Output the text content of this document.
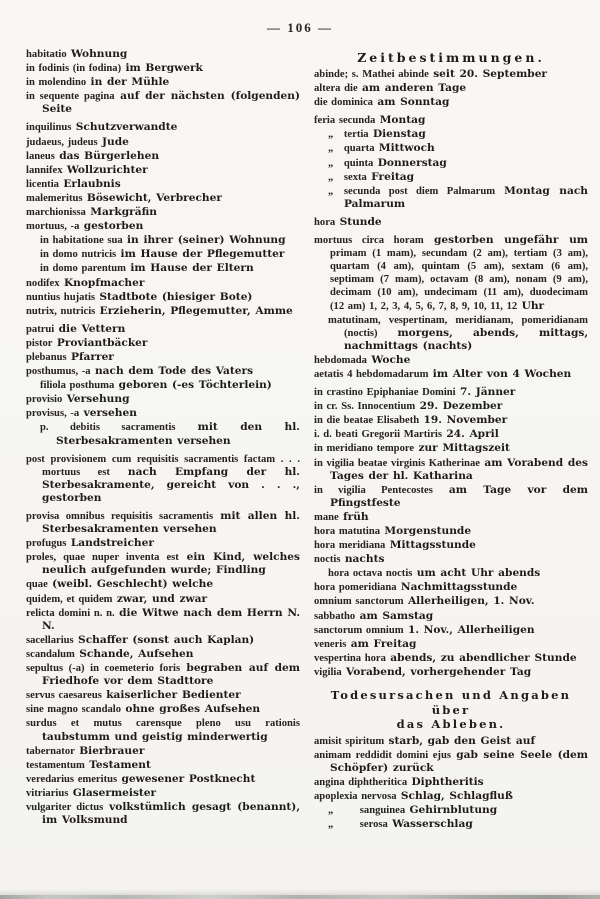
— 106 —

habitatio Wohnung

in fodinis (in fodina) im Bergwerk

in molendino in der Mühle

in sequente pagina auf der nächsten (folgenden) Seite

inquilinus Schutzverwandte

judaeus, judeus Jude

laneus das Bürgerlehen

lannifex Wollzurichter

licentia Erlaubnis

malemeritus Bösewicht, Verbrecher

marchionissa Markgräfin

mortuus, -a gestorben

in habitatione sua in ihrer (seiner) Wohnung

in domo nutricis im Hause der Pflegemutter

in domo parentum im Hause der Eltern

nodifex Knopfmacher

nuntius hujatis Stadtbote (hiesiger Bote)

nutrix, nutricis Erzieherin, Pflegemutter, Amme

patrui die Vettern

pistor Proviantbäcker

plebanus Pfarrer

posthumus, -a nach dem Tode des Vaters

filiola posthuma geboren (-es Töchterlein)

provisio Versehung

provisus, -a versehen

p. debitis sacramentis mit den hl. Sterbesakramenten versehen

post provisionem cum requisitis sacramentis factam . . . mortuus est nach Empfang der hl. Sterbesakramente, gereicht von . . ., gestorben

provisa omnibus requisitis sacramentis mit allen hl. Sterbesakramenten versehen

profugus Landstreicher

proles, quae nuper inventa est ein Kind, welches neulich aufgefunden wurde; Findling

quae (weibl. Geschlecht) welche

quidem, et quidem zwar, und zwar

relicta domini n. n. die Witwe nach dem Herrn N. N.

sacellarius Schaffer (sonst auch Kaplan)

scandalum Schande, Aufsehen

sepultus (-a) in coemeterio foris begraben auf dem Friedhofe vor dem Stadttore

servus caesareus kaiserlicher Bedienter

sine magno scandalo ohne großes Aufsehen

surdus et mutus carensque pleno usu rationis taubstumm und geistig minderwertig

tabernator Bierbrauer

testamentum Testament

veredarius emeritus gewesener Postknecht

vitriarius Glasermeister

vulgariter dictus volkstümlich gesagt (benannt), im Volksmund

Zeitbestimmungen.

abinde; s. Mathei abinde seit 20. September

altera die am anderen Tage

die dominica am Sonntag

feria secunda Montag

„ tertia Dienstag

„ quarta Mittwoch

„ quinta Donnerstag

„ sexta Freitag

„ secunda post diem Palmarum Montag nach Palmarum

hora Stunde

mortuus circa horam gestorben ungefähr um primam (1 mam), secundam (2 am), tertiam (3 am), quartam (4 am), quintam (5 am), sextam (6 am), septimam (7 mam), octavam (8 am), nonam (9 am), decimam (10 am), undecimam (11 am), duodecimam (12 am) 1, 2, 3, 4, 5, 6, 7, 8, 9, 10, 11, 12 Uhr

matutinam, vespertinam, meridianam, pomeridianam (noctis) morgens, abends, mittags, nachmittags (nachts)

hebdomada Woche

aetatis 4 hebdomadarum im Alter von 4 Wochen

in crastino Epiphaniae Domini 7. Jänner

in cr. Ss. Innocentium 29. Dezember

in die beatae Elisabeth 19. November

i. d. beati Gregorii Martiris 24. April

in meridiano tempore zur Mittagszeit

in vigilia beatae virginis Katherinae am Vorabend des Tages der hl. Katharina

in vigilia Pentecostes am Tage vor dem Pfingstfeste

mane früh

hora matutina Morgenstunde

hora meridiana Mittagsstunde

noctis nachts

hora octava noctis um acht Uhr abends

hora pomeridiana Nachmittagsstunde

omnium sanctorum Allerheiligen, 1. Nov.

sabbatho am Samstag

sanctorum omnium 1. Nov., Allerheiligen

veneris am Freitag

vespertina hora abends, zu abendlicher Stunde

vigilia Vorabend, vorhergehender Tag

Todesursachen und Angaben über
das Ableben.

amisit spiritum starb, gab den Geist auf

animam reddidit domini ejus gab seine Seele (dem Schöpfer) zurück

angina diphtheritica Diphtheritis

apoplexia nervosa Schlag, Schlagfluß

„   sanguinea Gehirnblutung

„   serosa Wasserschlag
